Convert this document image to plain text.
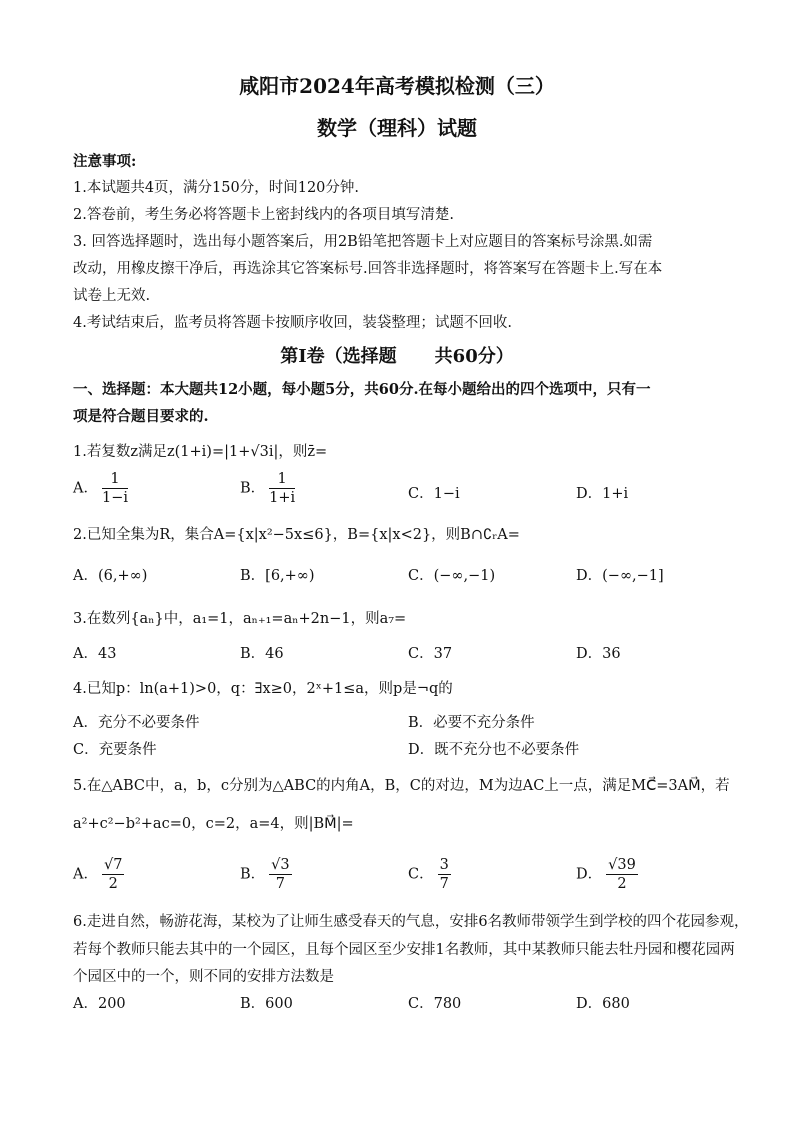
咸阳市2024年高考模拟检测（三）
数学（理科）试题
注意事项:
1.本试题共4页，满分150分，时间120分钟.
2.答卷前，考生务必将答题卡上密封线内的各项目填写清楚.
3. 回答选择题时，选出每小题答案后，用2B铅笔把答题卡上对应题目的答案标号涂黑.如需
改动，用橡皮擦干净后，再选涂其它答案标号.回答非选择题时，将答案写在答题卡上.写在本
试卷上无效.
4.考试结束后，监考员将答题卡按顺序收回，装袋整理；试题不回收.
第Ⅰ卷（选择题 共60分）
一、选择题：本大题共12小题，每小题5分，共60分.在每小题给出的四个选项中，只有一
项是符合题目要求的.
1.若复数z满足z(1+i)=|1+√3i|，则z̄=
A． $\frac{1}{1-i}$	B． $\frac{1}{1+i}$	C．1−i	D．1+i
2.已知全集为R，集合A={x|x²−5x≤6}，B={x|x<2}，则B∩∁ᵣA=
A．(6,+∞)	B．[6,+∞)	C．(−∞,−1)	D．(−∞,−1]
3.在数列{aₙ}中，a₁=1，aₙ₊₁=aₙ+2n−1，则a₇=
A．43	B．46	C．37	D．36
4.已知p：ln(a+1)>0，q：∃x≥0，2ˣ+1≤a，则p是¬q的
A．充分不必要条件	B．必要不充分条件
C．充要条件	D．既不充分也不必要条件
5.在△ABC中，a，b，c分别为△ABC的内角A，B，C的对边，M为边AC上一点，满足MC⃗=3AM⃗，若
a²+c²−b²+ac=0，c=2，a=4，则|BM⃗|=
A． $\frac{√7}{2}$	B． $\frac{√3}{7}$	C． $\frac{3}{7}$	D． $\frac{√39}{2}$
6.走进自然，畅游花海，某校为了让师生感受春天的气息，安排6名教师带领学生到学校的四个花园参观，
若每个教师只能去其中的一个园区，且每个园区至少安排1名教师，其中某教师只能去牡丹园和樱花园两
个园区中的一个，则不同的安排方法数是
A．200	B．600	C．780	D．680
